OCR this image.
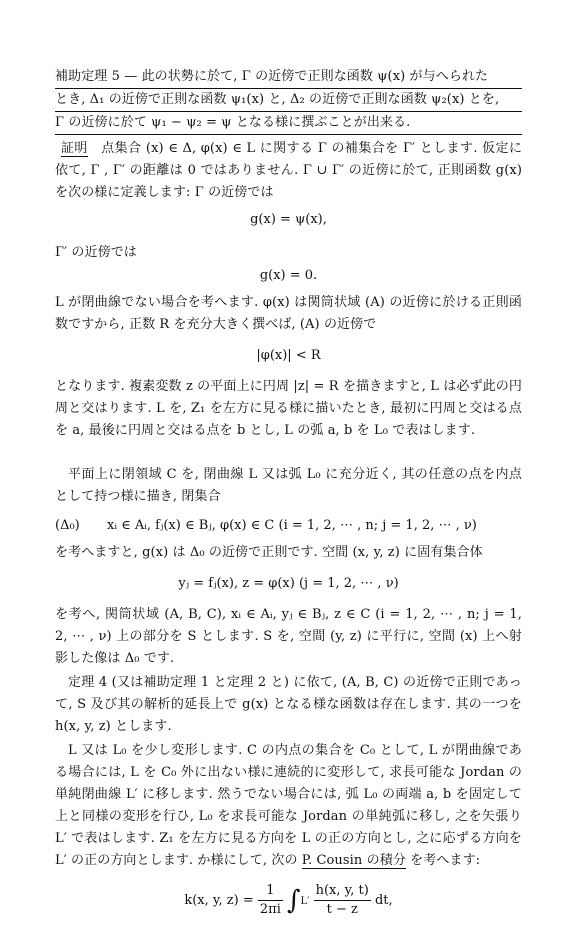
補助定理 5 — 此の状勢に於て, Γ の近傍で正則な函数 ψ(x) が与へられた
とき, Δ₁ の近傍で正則な函数 ψ₁(x) と, Δ₂ の近傍で正則な函数 ψ₂(x) とを,
Γ の近傍に於て ψ₁ − ψ₂ = ψ となる様に撰ぶことが出来る.

証明　 点集合 (x) ∈ Δ, φ(x) ∈ L に関する Γ の補集合を Γ′ とします. 仮定に依て, Γ , Γ′ の距離は 0 ではありません. Γ ∪ Γ′ の近傍に於て, 正則函数 g(x) を次の様に定義します: Γ の近傍では

g(x) = ψ(x),

Γ′ の近傍では

g(x) = 0.

L が閉曲線でない場合を考へます. φ(x) は関筒状域 (A) の近傍に於ける正則函数ですから, 正数 R を充分大きく撰べば, (A) の近傍で

|φ(x)| < R

となります. 複素変数 z の平面上に円周 |z| = R を描きますと, L は必ず此の円周と交はります. L を, Z₁ を左方に見る様に描いたとき, 最初に円周と交はる点を a, 最後に円周と交はる点を b とし, L の弧 a, b を L₀ で表はします.

平面上に閉領域 C を, 閉曲線 L 又は弧 L₀ に充分近く, 其の任意の点を内点として持つ様に描き, 閉集合

(Δ₀) xᵢ ∈ Aᵢ, fⱼ(x) ∈ Bⱼ, φ(x) ∈ C (i = 1, 2, ⋯ , n; j = 1, 2, ⋯ , ν)

を考へますと, g(x) は Δ₀ の近傍で正則です. 空間 (x, y, z) に固有集合体

yⱼ = fⱼ(x), z = φ(x) (j = 1, 2, ⋯ , ν)

を考へ, 関筒状域 (A, B, C), xᵢ ∈ Aᵢ, yⱼ ∈ Bⱼ, z ∈ C (i = 1, 2, ⋯ , n; j = 1, 2, ⋯ , ν) 上の部分を S とします. S を, 空間 (y, z) に平行に, 空間 (x) 上へ射影した像は Δ₀ です.

定理 4 (又は補助定理 1 と定理 2 と) に依て, (A, B, C) の近傍で正則であって, S 及び其の解析的延長上で g(x) となる様な函数は存在します. 其の一つを h(x, y, z) とします.

L 又は L₀ を少し変形します. C の内点の集合を C₀ として, L が閉曲線である場合には, L を C₀ 外に出ない様に連続的に変形して, 求長可能な Jordan の単純閉曲線 L′ に移します. 然うでない場合には, 弧 L₀ の両端 a, b を固定して上と同様の変形を行ひ, L₀ を求長可能な Jordan の単純弧に移し, 之を矢張り L′ で表はします. Z₁ を左方に見る方向を L の正の方向とし, 之に応ずる方向を L′ の正の方向とします. か様にして, 次の P. Cousin の積分 を考へます:

k(x, y, $z) = \frac{1}{2\pi i} \int L' \frac{h(x, y, t)}{t - z}$ dt,
